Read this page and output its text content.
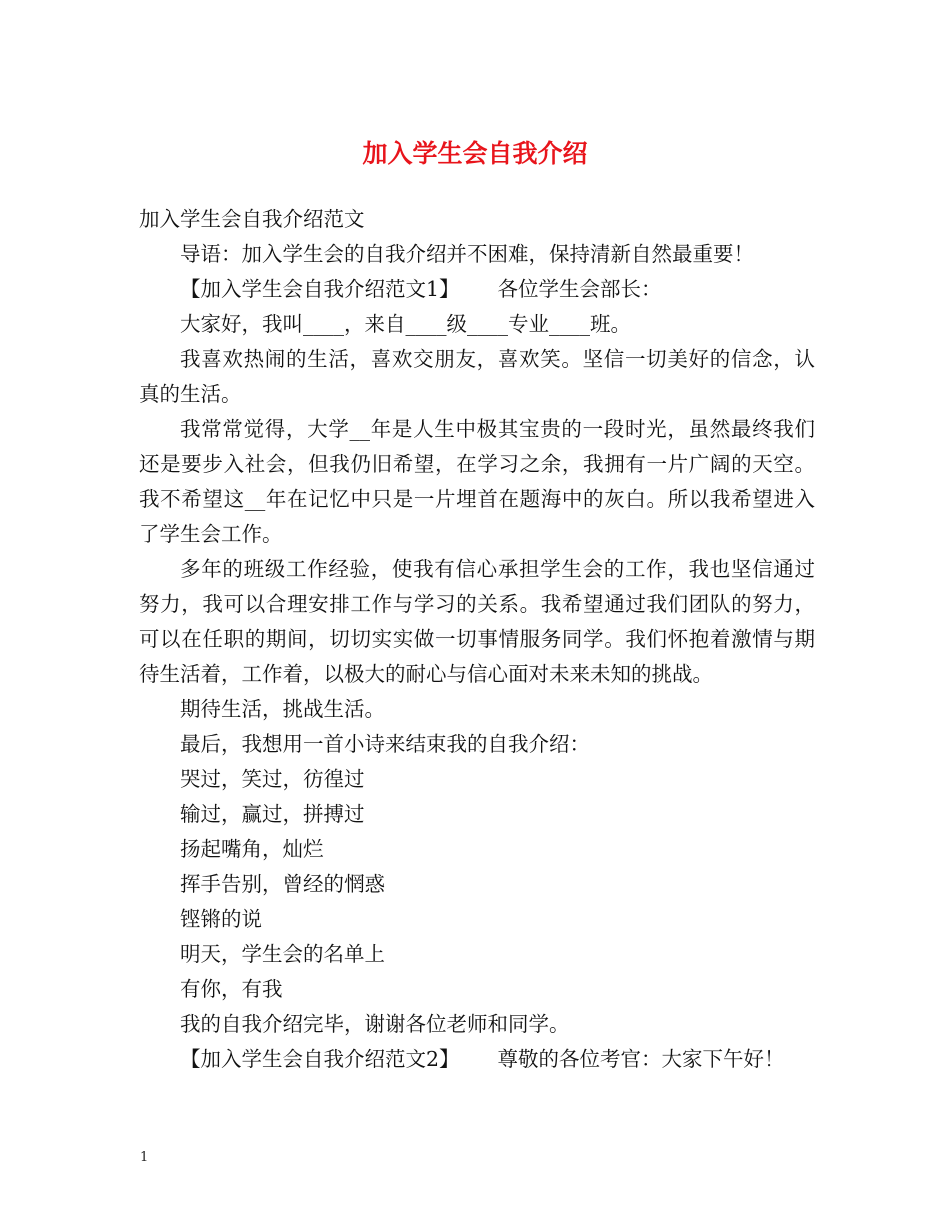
加入学生会自我介绍

加入学生会自我介绍范文

导语：加入学生会的自我介绍并不困难，保持清新自然最重要！

【加入学生会自我介绍范文1】 各位学生会部长：

大家好，我叫____，来自____级____专业____班。

我喜欢热闹的生活，喜欢交朋友，喜欢笑。坚信一切美好的信念，认真的生活。

我常常觉得，大学__年是人生中极其宝贵的一段时光，虽然最终我们还是要步入社会，但我仍旧希望，在学习之余，我拥有一片广阔的天空。我不希望这__年在记忆中只是一片埋首在题海中的灰白。所以我希望进入了学生会工作。

多年的班级工作经验，使我有信心承担学生会的工作，我也坚信通过努力，我可以合理安排工作与学习的关系。我希望通过我们团队的努力，可以在任职的期间，切切实实做一切事情服务同学。我们怀抱着激情与期待生活着，工作着，以极大的耐心与信心面对未来未知的挑战。

期待生活，挑战生活。

最后，我想用一首小诗来结束我的自我介绍：

哭过，笑过，彷徨过

输过，赢过，拼搏过

扬起嘴角，灿烂

挥手告别，曾经的惘惑

铿锵的说

明天，学生会的名单上

有你，有我

我的自我介绍完毕，谢谢各位老师和同学。

【加入学生会自我介绍范文2】 尊敬的各位考官：大家下午好！

1
